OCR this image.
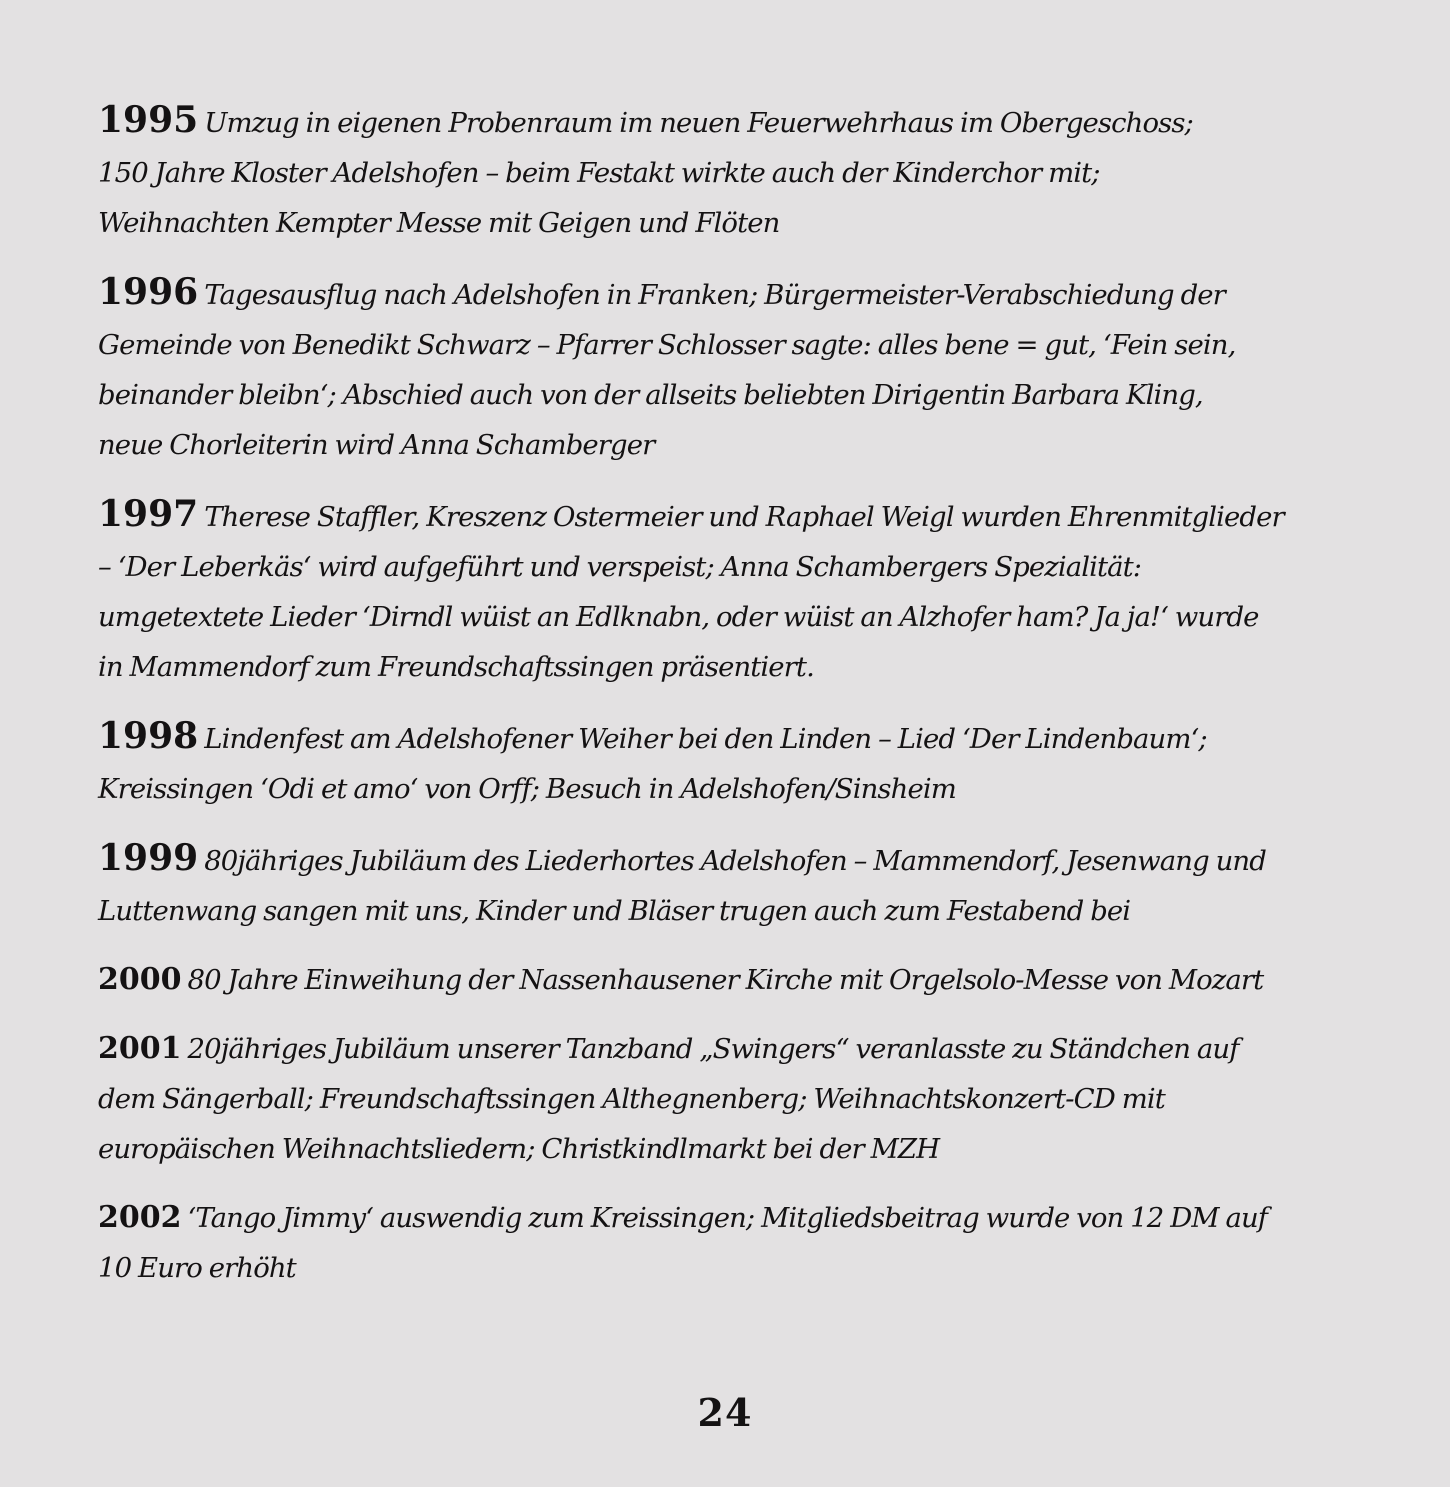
1995 Umzug in eigenen Probenraum im neuen Feuerwehrhaus im Obergeschoss;
150 Jahre Kloster Adelshofen – beim Festakt wirkte auch der Kinderchor mit;
Weihnachten Kempter Messe mit Geigen und Flöten

1996 Tagesausflug nach Adelshofen in Franken; Bürgermeister-Verabschiedung der
Gemeinde von Benedikt Schwarz – Pfarrer Schlosser sagte: alles bene = gut, ‘Fein sein,
beinander bleibn‘; Abschied auch von der allseits beliebten Dirigentin Barbara Kling,
neue Chorleiterin wird Anna Schamberger

1997 Therese Staffler, Kreszenz Ostermeier und Raphael Weigl wurden Ehrenmitglieder
– ‘Der Leberkäs‘ wird aufgeführt und verspeist; Anna Schambergers Spezialität:
umgetextete Lieder ‘Dirndl wüist an Edlknabn, oder wüist an Alzhofer ham? Ja ja!‘ wurde
in Mammendorf zum Freundschaftssingen präsentiert.

1998 Lindenfest am Adelshofener Weiher bei den Linden – Lied ‘Der Lindenbaum‘;
Kreissingen ‘Odi et amo‘ von Orff; Besuch in Adelshofen/Sinsheim

1999 80jähriges Jubiläum des Liederhortes Adelshofen – Mammendorf, Jesenwang und
Luttenwang sangen mit uns, Kinder und Bläser trugen auch zum Festabend bei

2000 80 Jahre Einweihung der Nassenhausener Kirche mit Orgelsolo-Messe von Mozart

2001 20jähriges Jubiläum unserer Tanzband „Swingers“ veranlasste zu Ständchen auf
dem Sängerball; Freundschaftssingen Althegnenberg; Weihnachtskonzert-CD mit
europäischen Weihnachtsliedern; Christkindlmarkt bei der MZH

2002 ‘Tango Jimmy‘ auswendig zum Kreissingen; Mitgliedsbeitrag wurde von 12 DM auf
10 Euro erhöht

24
